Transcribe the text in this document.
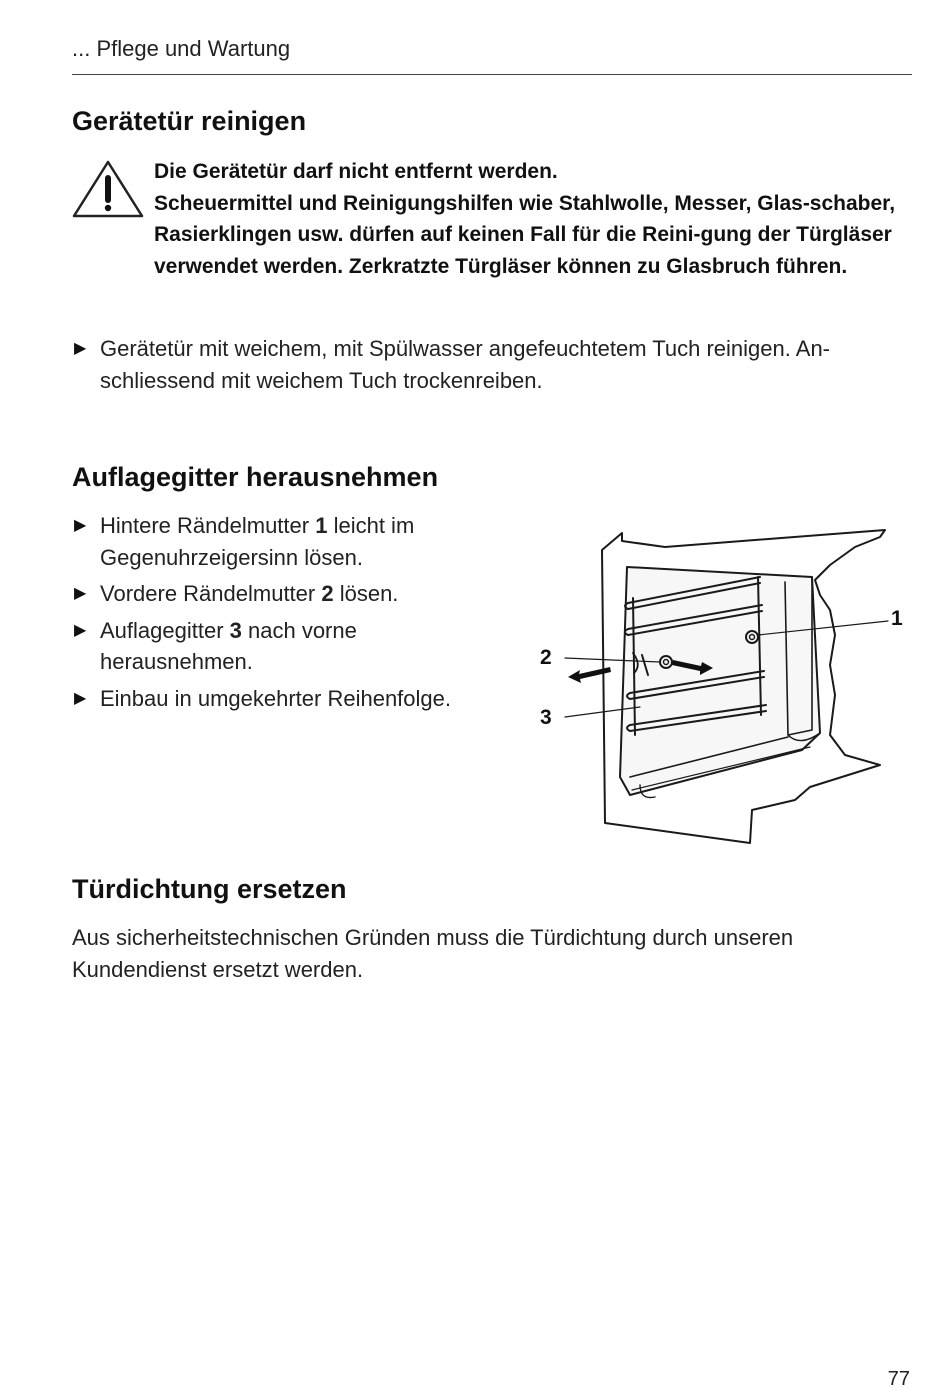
... Pflege und Wartung
Gerätetür reinigen

Die Gerätetür darf nicht entfernt werden.

Scheuermittel und Reinigungshilfen wie Stahlwolle, Messer, Glas-schaber, Rasierklingen usw. dürfen auf keinen Fall für die Reini-gung der Türgläser verwendet werden. Zerkratzte Türgläser können zu Glasbruch führen.

▶ Gerätetür mit weichem, mit Spülwasser angefeuchtetem Tuch reinigen. An-schliessend mit weichem Tuch trockenreiben.
Auflagegitter herausnehmen
▶ Hintere Rändelmutter 1 leicht im Gegenuhrzeigersinn lösen.
▶ Vordere Rändelmutter 2 lösen.
▶ Auflagegitter 3 nach vorne herausnehmen.
▶ Einbau in umgekehrter Reihenfolge.
1
2
3
Türdichtung ersetzen

Aus sicherheitstechnischen Gründen muss die Türdichtung durch unseren Kundendienst ersetzt werden.

77
